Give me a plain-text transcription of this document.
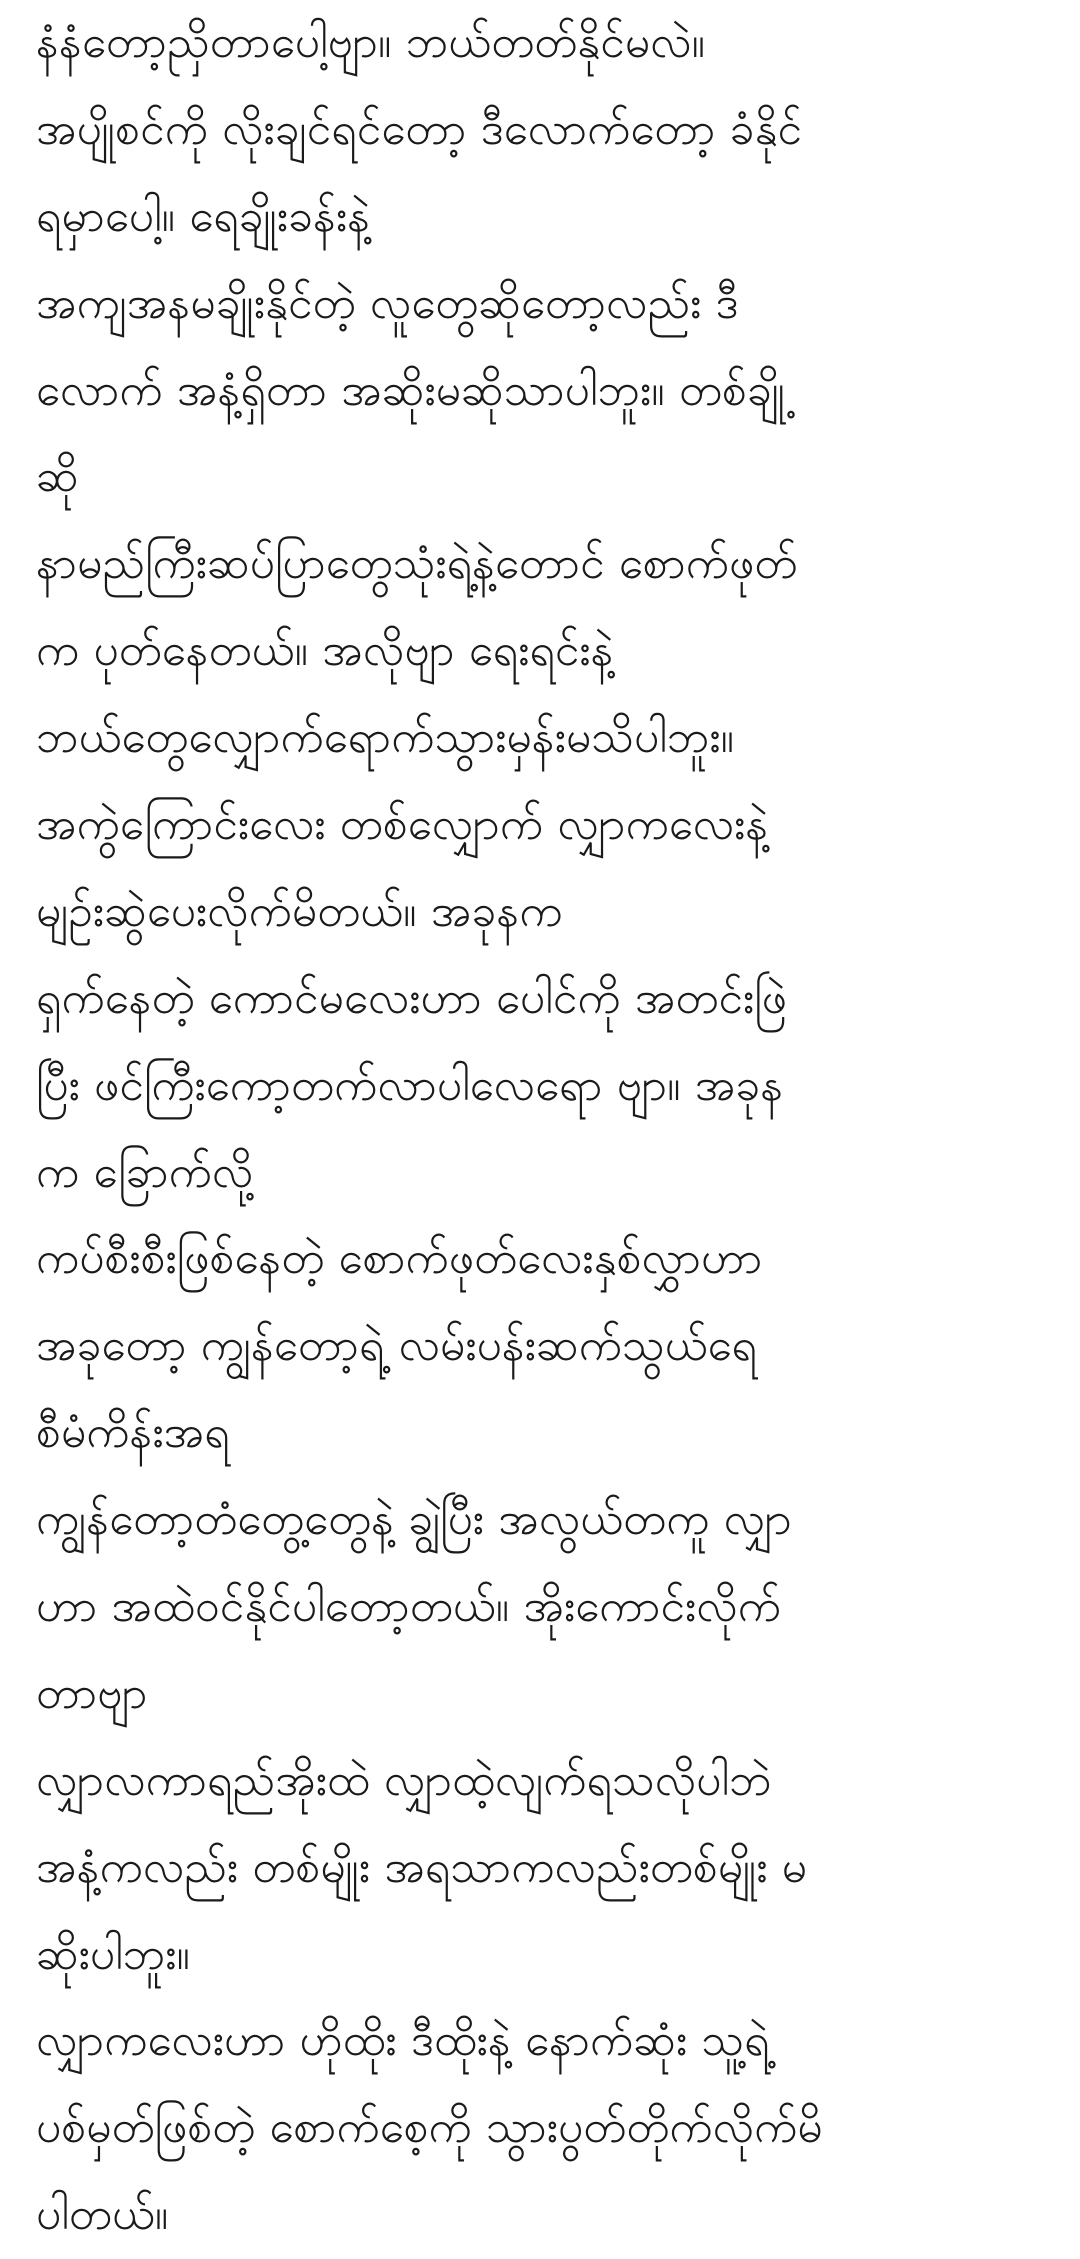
နံနံတော့ညှိတာပေါ့ဗျာ။ ဘယ်တတ်နိုင်မလဲ။
အပျိုစင်ကို လိုးချင်ရင်တော့ ဒီလောက်တော့ ခံနိုင်
ရမှာပေါ့။ ရေချိုးခန်းနဲ့
အကျအနမချိုးနိုင်တဲ့ လူတွေဆိုတော့လည်း ဒီ
လောက် အနံ့ရှိတာ အဆိုးမဆိုသာပါဘူး။ တစ်ချို့
ဆို
နာမည်ကြီးဆပ်ပြာတွေသုံးရဲ့နဲ့တောင် စောက်ဖုတ်
က ပုတ်နေတယ်။ အလိုဗျာ ရေးရင်းနဲ့
ဘယ်တွေလျှောက်ရောက်သွားမှန်းမသိပါဘူး။
အကွဲကြောင်းလေး တစ်လျှောက် လျှာကလေးနဲ့
မျဉ်းဆွဲပေးလိုက်မိတယ်။ အခုနက
ရှက်နေတဲ့ ကောင်မလေးဟာ ပေါင်ကို အတင်းဖြဲ
ပြီး ဖင်ကြီးကော့တက်လာပါလေရော ဗျာ။ အခုန
က ခြောက်လို့
ကပ်စီးစီးဖြစ်နေတဲ့ စောက်ဖုတ်လေးနှစ်လွှာဟာ
အခုတော့ ကျွန်တော့ရဲ့ လမ်းပန်းဆက်သွယ်ရေ
စီမံကိန်းအရ
ကျွန်တော့တံတွေ့တွေနဲ့ ချွဲပြီး အလွယ်တကူ လျှာ
ဟာ အထဲဝင်နိုင်ပါတော့တယ်။ အိုးကောင်းလိုက်
တာဗျာ
လျှာလကာရည်အိုးထဲ လျှာထဲ့လျက်ရသလိုပါဘဲ
အနံ့ကလည်း တစ်မျိုး အရသာကလည်းတစ်မျိုး မ
ဆိုးပါဘူး။
လျှာကလေးဟာ ဟိုထိုး ဒီထိုးနဲ့ နောက်ဆုံး သူ့ရဲ့
ပစ်မှတ်ဖြစ်တဲ့ စောက်စေ့ကို သွားပွတ်တိုက်လိုက်မိ
ပါတယ်။
